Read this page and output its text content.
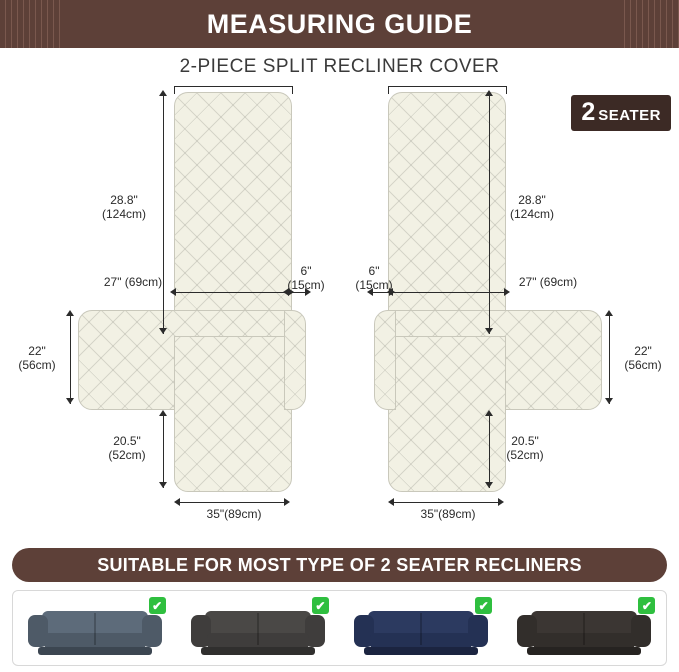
MEASURING GUIDE
2-PIECE SPLIT RECLINER COVER
2 SEATER
28.8"
(124cm)
27" (69cm)
6"
(15cm)
22"
(56cm)
20.5"
(52cm)
35"(89cm)
28.8"
(124cm)
27" (69cm)
6"
(15cm)
22"
(56cm)
20.5"
(52cm)
35"(89cm)
SUITABLE FOR MOST TYPE OF 2 SEATER RECLINERS
✔	✔	✔	✔
